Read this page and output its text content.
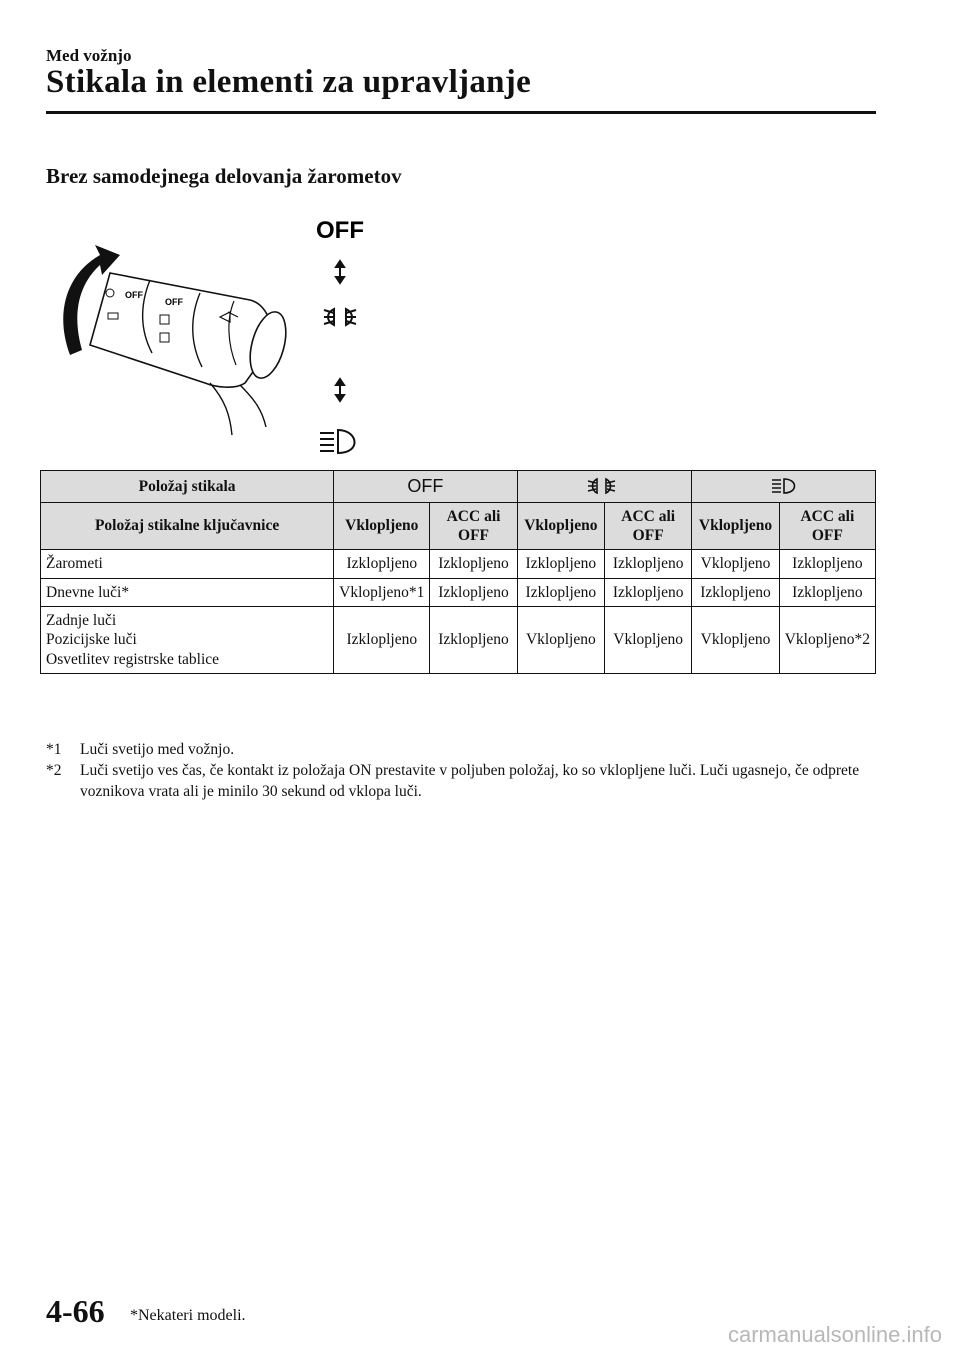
Med vožnjo
Stikala in elementi za upravljanje
Brez samodejnega delovanja žarometov
OFF
OFF
OFF
Položaj stikala	OFF		
Položaj stikalne ključavnice	Vklopljeno	ACC ali OFF	Vklopljeno	ACC ali OFF	Vklopljeno	ACC ali OFF
Žarometi	Izklopljeno	Izklopljeno	Izklopljeno	Izklopljeno	Vklopljeno	Izklopljeno
Dnevne luči*	Vklopljeno*1	Izklopljeno	Izklopljeno	Izklopljeno	Izklopljeno	Izklopljeno
Zadnje luči
Pozicijske luči
Osvetlitev registrske tablice	Izklopljeno	Izklopljeno	Vklopljeno	Vklopljeno	Vklopljeno	Vklopljeno*2

*1 Luči svetijo med vožnjo.

*2 Luči svetijo ves čas, če kontakt iz položaja ON prestavite v poljuben položaj, ko so vklopljene luči. Luči ugasnejo, če odprete voznikova vrata ali je minilo 30 sekund od vklopa luči.

4-66 *Nekateri modeli.
carmanualsonline.info
